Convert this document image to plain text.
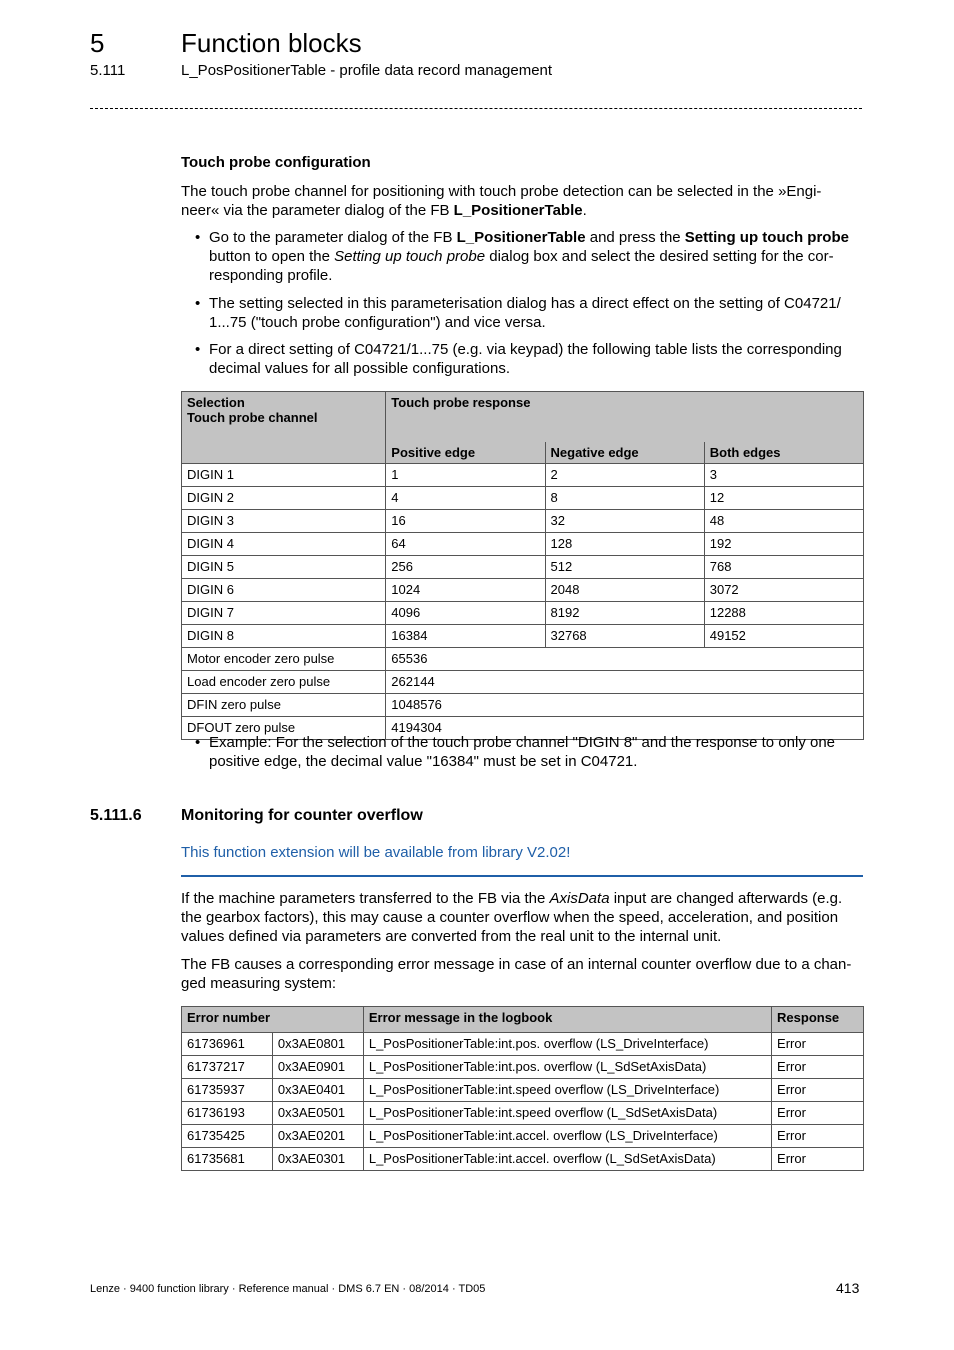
5	Function blocks
5.111	L_PosPositionerTable - profile data record management
Touch probe configuration
The touch probe channel for positioning with touch probe detection can be selected in the »Engi-
neer« via the parameter dialog of the FB L_PositionerTable.
• Go to the parameter dialog of the FB L_PositionerTable and press the Setting up touch probe
button to open the Setting up touch probe dialog box and select the desired setting for the cor-
responding profile.
• The setting selected in this parameterisation dialog has a direct effect on the setting of C04721/
1...75 ("touch probe configuration") and vice versa.
• For a direct setting of C04721/1...75 (e.g. via keypad) the following table lists the corresponding
decimal values for all possible configurations.
Selection
Touch probe channel	Touch probe response		
	Positive edge	Negative edge	Both edges
DIGIN 1	1	2	3
DIGIN 2	4	8	12
DIGIN 3	16	32	48
DIGIN 4	64	128	192
DIGIN 5	256	512	768
DIGIN 6	1024	2048	3072
DIGIN 7	4096	8192	12288
DIGIN 8	16384	32768	49152
Motor encoder zero pulse	65536		
Load encoder zero pulse	262144		
DFIN zero pulse	1048576		
DFOUT zero pulse	4194304		
• Example: For the selection of the touch probe channel "DIGIN 8" and the response to only one
positive edge, the decimal value "16384" must be set in C04721.
5.111.6 Monitoring for counter overflow
This function extension will be available from library V2.02!
If the machine parameters transferred to the FB via the AxisData input are changed afterwards (e.g.
the gearbox factors), this may cause a counter overflow when the speed, acceleration, and position
values defined via parameters are converted from the real unit to the internal unit.
The FB causes a corresponding error message in case of an internal counter overflow due to a chan-
ged measuring system:
Error number		Error message in the logbook	Response
61736961	0x3AE0801	L_PosPositionerTable:int.pos. overflow (LS_DriveInterface)	Error
61737217	0x3AE0901	L_PosPositionerTable:int.pos. overflow (L_SdSetAxisData)	Error
61735937	0x3AE0401	L_PosPositionerTable:int.speed overflow (LS_DriveInterface)	Error
61736193	0x3AE0501	L_PosPositionerTable:int.speed overflow (L_SdSetAxisData)	Error
61735425	0x3AE0201	L_PosPositionerTable:int.accel. overflow (LS_DriveInterface)	Error
61735681	0x3AE0301	L_PosPositionerTable:int.accel. overflow (L_SdSetAxisData)	Error
Lenze · 9400 function library · Reference manual · DMS 6.7 EN · 08/2014 · TD05	413
